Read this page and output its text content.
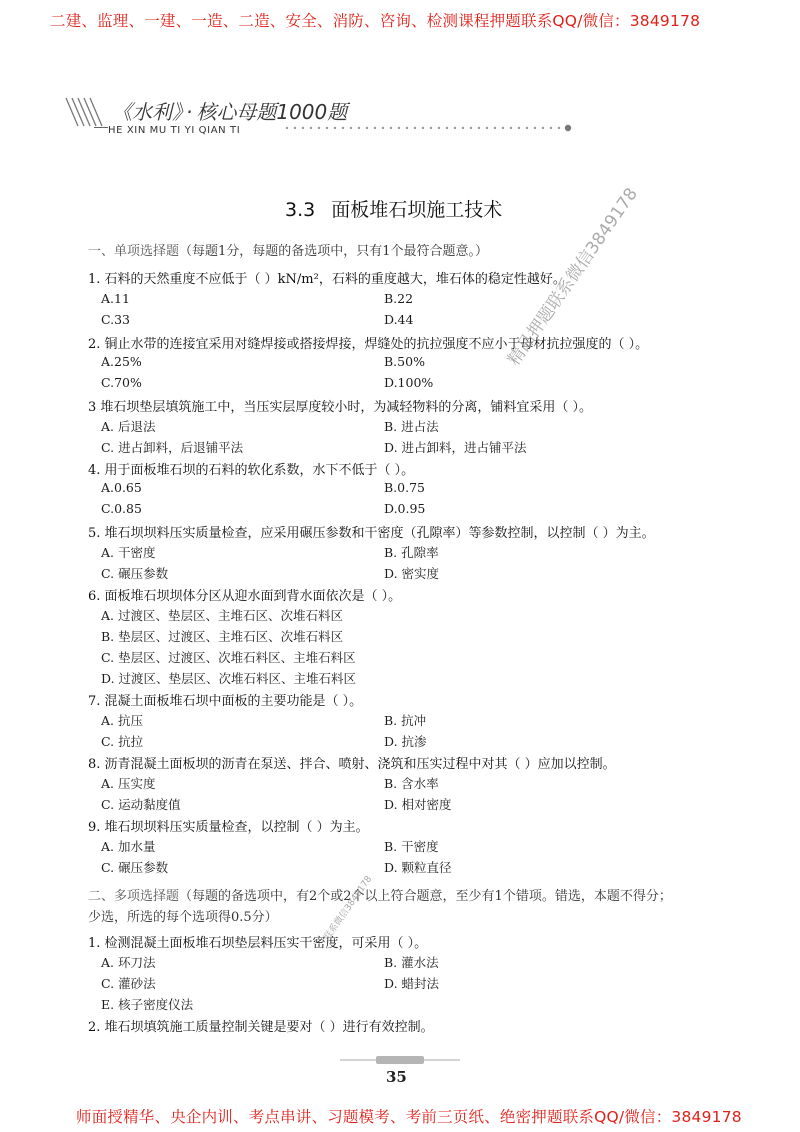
二建、监理、一建、一造、二造、安全、消防、咨询、检测课程押题联系QQ/微信：3849178
师面授精华、央企内训、考点串讲、习题模考、考前三页纸、绝密押题联系QQ/微信：3849178
《水利》 · 核心母题1000题
HE XIN MU TI YI QIAN TI
3.3 面板堆石坝施工技术
一、单项选择题（每题1分，每题的备选项中，只有1个最符合题意。）
1. 石料的天然重度不应低于（ ）kN/m²，石料的重度越大，堆石体的稳定性越好。
A.11	B.22
C.33	D.44
2. 铜止水带的连接宜采用对缝焊接或搭接焊接，焊缝处的抗拉强度不应小于母材抗拉强度的（ ）。
A.25%	B.50%
C.70%	D.100%
3 堆石坝垫层填筑施工中，当压实层厚度较小时，为减轻物料的分离，铺料宜采用（ ）。
A. 后退法	B. 进占法
C. 进占卸料，后退铺平法	D. 进占卸料，进占铺平法
4. 用于面板堆石坝的石料的软化系数，水下不低于（ ）。
A.0.65	B.0.75
C.0.85	D.0.95
5. 堆石坝坝料压实质量检查，应采用碾压参数和干密度（孔隙率）等参数控制，以控制（ ）为主。
A. 干密度	B. 孔隙率
C. 碾压参数	D. 密实度
6. 面板堆石坝坝体分区从迎水面到背水面依次是（ ）。
A. 过渡区、垫层区、主堆石区、次堆石料区
B. 垫层区、过渡区、主堆石区、次堆石料区
C. 垫层区、过渡区、次堆石料区、主堆石料区
D. 过渡区、垫层区、次堆石料区、主堆石料区
7. 混凝土面板堆石坝中面板的主要功能是（ ）。
A. 抗压	B. 抗冲
C. 抗拉	D. 抗渗
8. 沥青混凝土面板坝的沥青在泵送、拌合、喷射、浇筑和压实过程中对其（ ）应加以控制。
A. 压实度	B. 含水率
C. 运动黏度值	D. 相对密度
9. 堆石坝坝料压实质量检查，以控制（ ）为主。
A. 加水量	B. 干密度
C. 碾压参数	D. 颗粒直径
二、多项选择题（每题的备选项中，有2个或2个以上符合题意，至少有1个错项。错选，本题不得分；
少选，所选的每个选项得0.5分）
1. 检测混凝土面板堆石坝垫层料压实干密度，可采用（ ）。
A. 环刀法	B. 灌水法
C. 灌砂法	D. 蜡封法
E. 核子密度仪法
2. 堆石坝填筑施工质量控制关键是要对（ ）进行有效控制。
精品押题联系微信3849178
联系微信3849178
35
